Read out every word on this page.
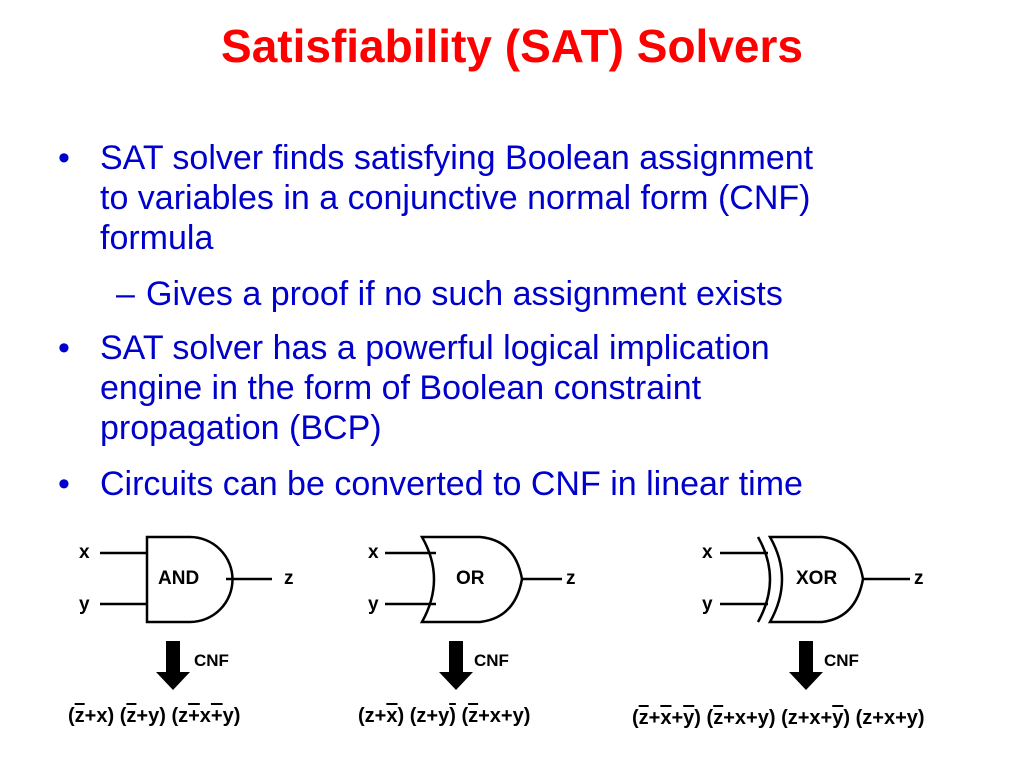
Satisfiability (SAT) Solvers
• SAT solver finds satisfying Boolean assignment
to variables in a conjunctive normal form (CNF)
formula
– Gives a proof if no such assignment exists
• SAT solver has a powerful logical implication
engine in the form of Boolean constraint
propagation (BCP)
• Circuits can be converted to CNF in linear time
x
y
AND	z
CNF
x
y
OR	z
CNF
x
y
XOR	z
CNF
$(\overline{z}+x)$ $(\overline{z}+y)$ (z+x+y)	$(z+\overline{x})$ (z+y) $(\overline{z}+x+y)$	$(\overline{z}+\overline{x}+\overline{y})$ $(\overline{z}+x+y)$ $(z+x+\overline{y})$ (z+x+y)
